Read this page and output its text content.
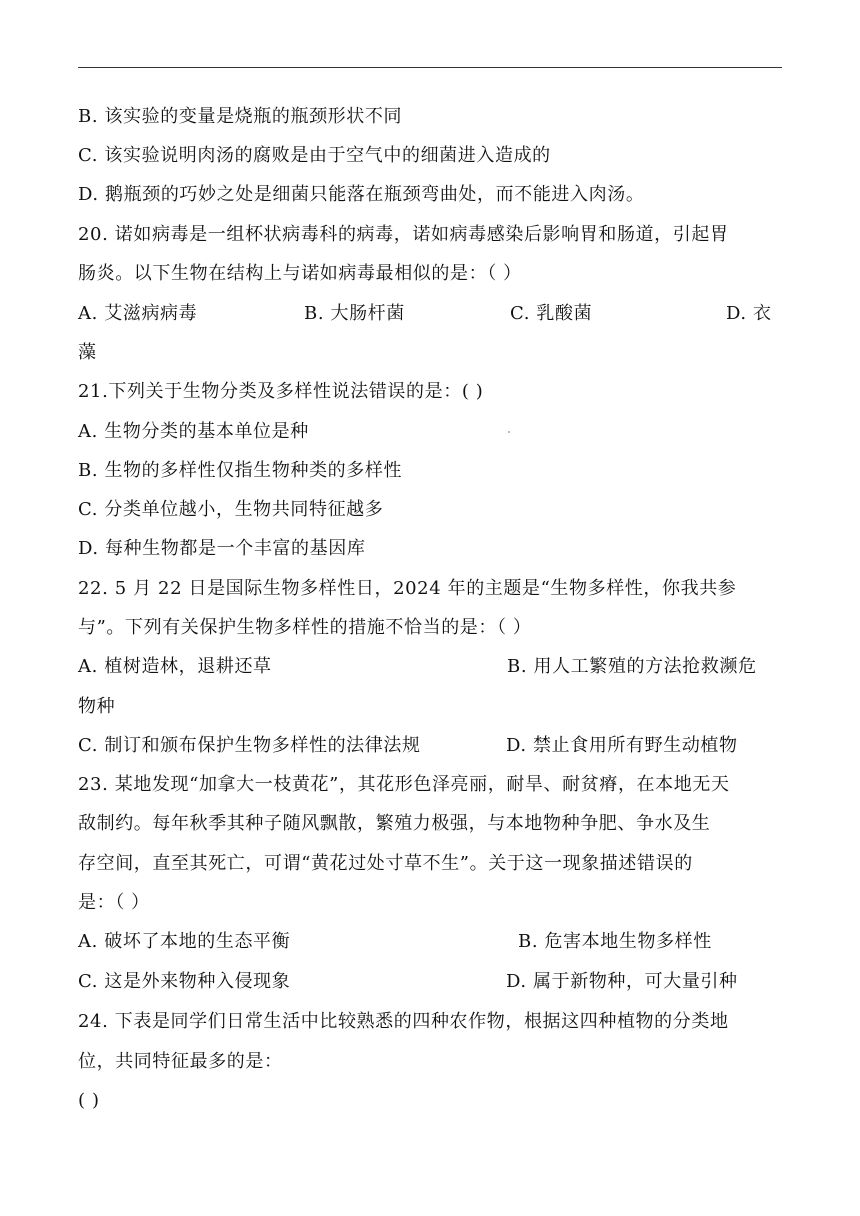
B. 该实验的变量是烧瓶的瓶颈形状不同
C. 该实验说明肉汤的腐败是由于空气中的细菌进入造成的
D. 鹅瓶颈的巧妙之处是细菌只能落在瓶颈弯曲处，而不能进入肉汤。
20. 诺如病毒是一组杯状病毒科的病毒，诺如病毒感染后影响胃和肠道，引起胃
肠炎。以下生物在结构上与诺如病毒最相似的是：（ ）
A. 艾滋病病毒	B. 大肠杆菌	C. 乳酸菌	D. 衣
藻
21.下列关于生物分类及多样性说法错误的是：( )
A. 生物分类的基本单位是种
B. 生物的多样性仅指生物种类的多样性
C. 分类单位越小，生物共同特征越多
D. 每种生物都是一个丰富的基因库
22. 5 月 22 日是国际生物多样性日，2024 年的主题是“生物多样性，你我共参
与”。下列有关保护生物多样性的措施不恰当的是：（ ）
A. 植树造林，退耕还草	B. 用人工繁殖的方法抢救濒危
物种
C. 制订和颁布保护生物多样性的法律法规	D. 禁止食用所有野生动植物
23. 某地发现“加拿大一枝黄花”，其花形色泽亮丽，耐旱、耐贫瘠，在本地无天
敌制约。每年秋季其种子随风飘散，繁殖力极强，与本地物种争肥、争水及生
存空间，直至其死亡，可谓“黄花过处寸草不生”。关于这一现象描述错误的
是：（ ）
A. 破坏了本地的生态平衡	B. 危害本地生物多样性
C. 这是外来物种入侵现象	D. 属于新物种，可大量引种
24. 下表是同学们日常生活中比较熟悉的四种农作物，根据这四种植物的分类地
位，共同特征最多的是：
( )
